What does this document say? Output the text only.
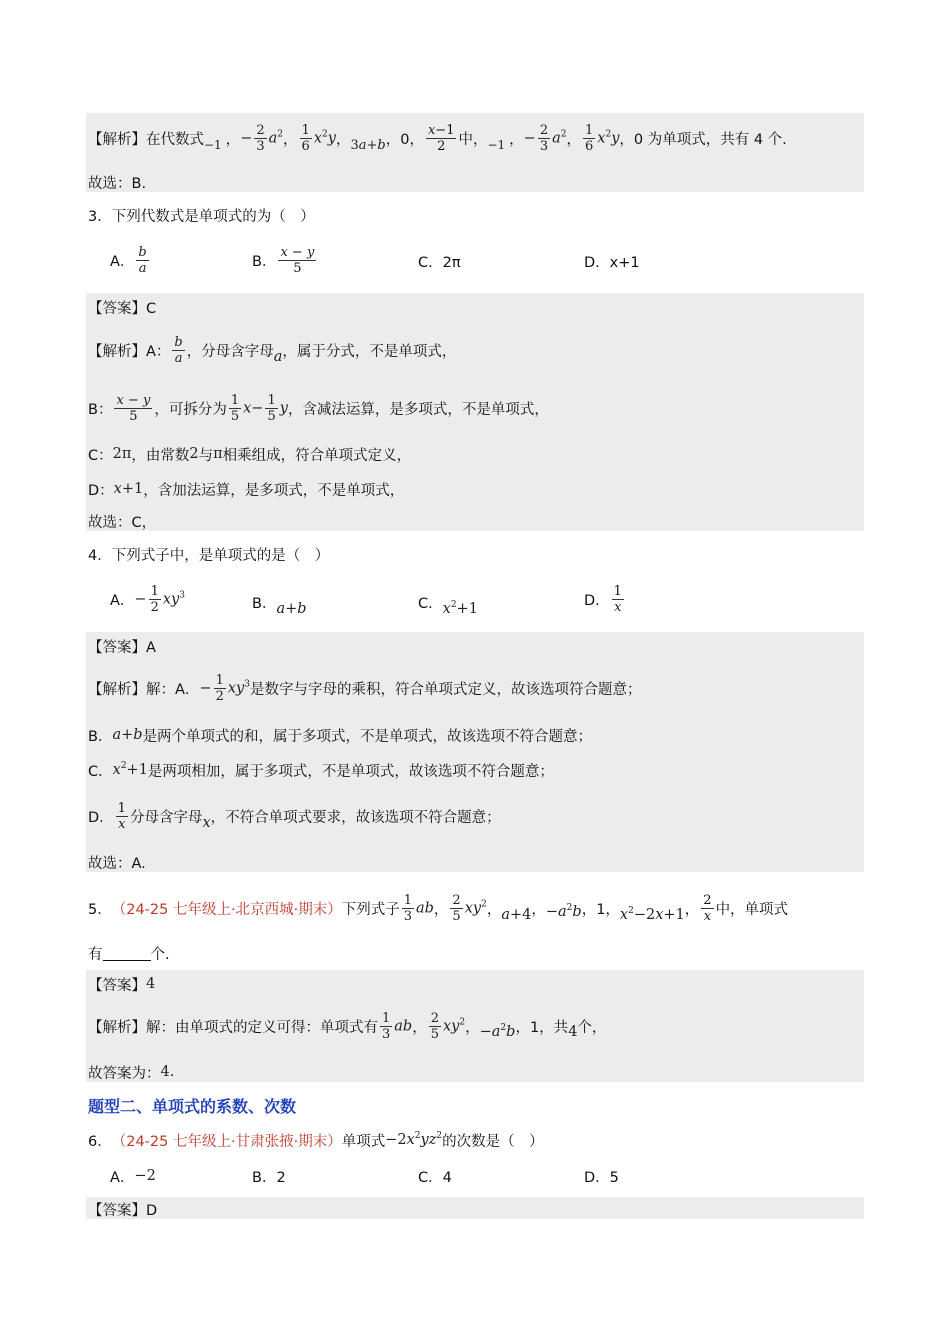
【解析】 在代数式 −1 ， − $\frac{2}{3} a^2$ ， $\frac{1}{6} x^2y$ ， 3a+b ， 0， $\frac{x-1}{2}$ 中， −1 ， − $\frac{2}{3} a^2$ ， $\frac{1}{6} x^2y$ ，0 为单项式，共有 4 个.
故选：B.
3．下列代数式是单项式的为（　）
A． $\frac{b}{a}$	B． $\frac{x - y}{5}$	C．2π	D．x+1
【答案】C
【解析】 A： $\frac{b}{a}$ ，分母含字母 a ，属于分式，不是单项式，
B： $\frac{x - y}{5}$ ，可拆分为 $\frac{1}{5} x- \frac{1}{5}$ y ，含减法运算，是多项式，不是单项式，
C： 2π ，由常数 2 与 π 相乘组成，符合单项式定义，
D： x+1 ，含加法运算，是多项式，不是单项式，
故选：C，
4．下列式子中，是单项式的是（　）
A． − $\frac{1}{2} xy^3$
B． a+b	C． $x^2+1$
D． $\frac{1}{x}$
【答案】A
【解析】解：A． − $\frac{1}{2} xy^3$ 是数字与字母的乘积，符合单项式定义，故该选项符合题意；
B． a+b 是两个单项式的和，属于多项式，不是单项式，故该选项不符合题意；
C． $x^2+1$ 是两项相加，属于多项式，不是单项式，故该选项不符合题意；
D． $\frac{1}{x}$ 分母含字母 x ，不符合单项式要求，故该选项不符合题意；
故选：A.
5． （24-25 七年级上·北京西城·期末） 下列式子 $\frac{1}{3}$ ab ， $\frac{2}{5} xy^2$ ， a+4 ， $-a^2b$ ， 1， $x^2-2x+1$ ， $\frac{2}{x}$ 中，单项式
有	个.
【答案】 4
【解析】解：由单项式的定义可得：单项式有 $\frac{1}{3}$ ab ， $\frac{2}{5} xy^2$ ， $-a^2b$ ， 1，共 4 个，
故答案为： 4 .
题型二、单项式的系数、次数
6． （24-25 七年级上·甘肃张掖·期末） 单项式 $-2x^2yz^2$ 的次数是（　）
A． −2	B．2	C．4	D．5
【答案】D
